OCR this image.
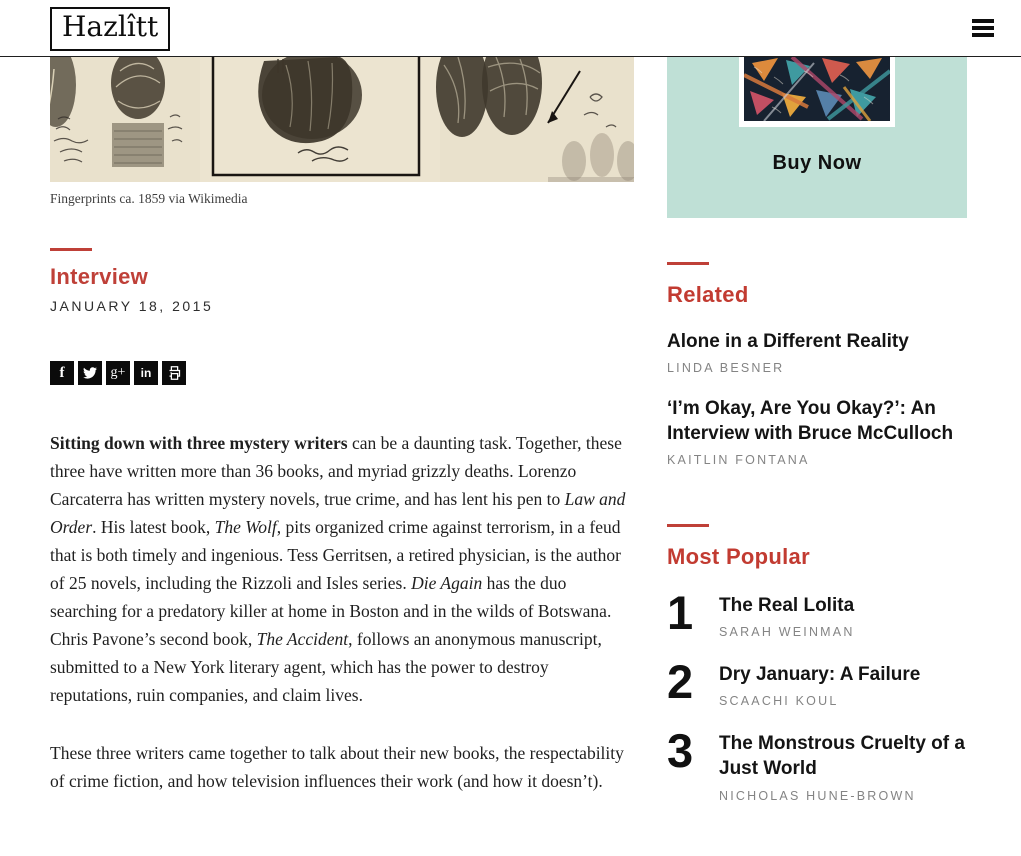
Hazlîtt
Fingerprints ca. 1859 via Wikimedia
Interview
JANUARY 18, 2015
f	g+ in

Sitting down with three mystery writers can be a daunting task. Together, these three have written more than 36 books, and myriad grizzly deaths. Lorenzo Carcaterra has written mystery novels, true crime, and has lent his pen to Law and Order. His latest book, The Wolf, pits organized crime against terrorism, in a feud that is both timely and ingenious. Tess Gerritsen, a retired physician, is the author of 25 novels, including the Rizzoli and Isles series. Die Again has the duo searching for a predatory killer at home in Boston and in the wilds of Botswana. Chris Pavone’s second book, The Accident, follows an anonymous manuscript, submitted to a New York literary agent, which has the power to destroy reputations, ruin companies, and claim lives.

These three writers came together to talk about their new books, the respectability of crime fiction, and how television influences their work (and how it doesn’t).

Buy Now
Related
Alone in a Different Reality
LINDA BESNER
‘I’m Okay, Are You Okay?’: An Interview with Bruce McCulloch
KAITLIN FONTANA
Most Popular
1	The Real Lolita
SARAH WEINMAN
2	Dry January: A Failure
SCAACHI KOUL
3	The Monstrous Cruelty of a Just World
NICHOLAS HUNE-BROWN
